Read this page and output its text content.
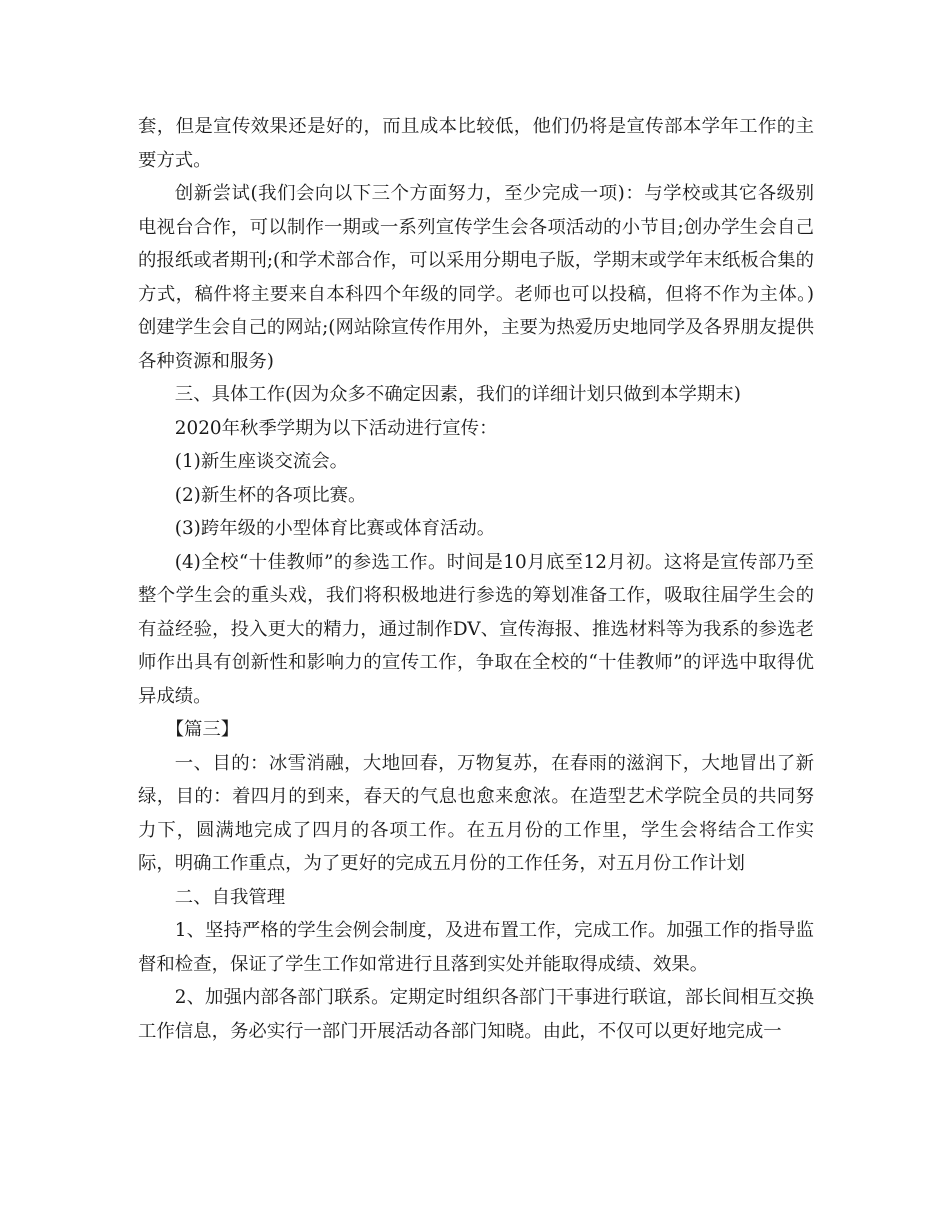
套，但是宣传效果还是好的，而且成本比较低，他们仍将是宣传部本学年工作的主要方式。

创新尝试(我们会向以下三个方面努力，至少完成一项)：与学校或其它各级别电视台合作，可以制作一期或一系列宣传学生会各项活动的小节目;创办学生会自己的报纸或者期刊;(和学术部合作，可以采用分期电子版，学期末或学年末纸板合集的方式，稿件将主要来自本科四个年级的同学。老师也可以投稿，但将不作为主体。)创建学生会自己的网站;(网站除宣传作用外，主要为热爱历史地同学及各界朋友提供各种资源和服务)

三、具体工作(因为众多不确定因素，我们的详细计划只做到本学期末)

2020年秋季学期为以下活动进行宣传：

(1)新生座谈交流会。

(2)新生杯的各项比赛。

(3)跨年级的小型体育比赛或体育活动。

(4)全校“十佳教师”的参选工作。时间是10月底至12月初。这将是宣传部乃至整个学生会的重头戏，我们将积极地进行参选的筹划准备工作，吸取往届学生会的有益经验，投入更大的精力，通过制作DV、宣传海报、推选材料等为我系的参选老师作出具有创新性和影响力的宣传工作，争取在全校的“十佳教师”的评选中取得优异成绩。

【篇三】

一、目的：冰雪消融，大地回春，万物复苏，在春雨的滋润下，大地冒出了新绿，目的：着四月的到来，春天的气息也愈来愈浓。在造型艺术学院全员的共同努力下，圆满地完成了四月的各项工作。在五月份的工作里，学生会将结合工作实际，明确工作重点，为了更好的完成五月份的工作任务，对五月份工作计划

二、自我管理

1、坚持严格的学生会例会制度，及进布置工作，完成工作。加强工作的指导监督和检查，保证了学生工作如常进行且落到实处并能取得成绩、效果。

2、加强内部各部门联系。定期定时组织各部门干事进行联谊，部长间相互交换工作信息，务必实行一部门开展活动各部门知晓。由此，不仅可以更好地完成一
